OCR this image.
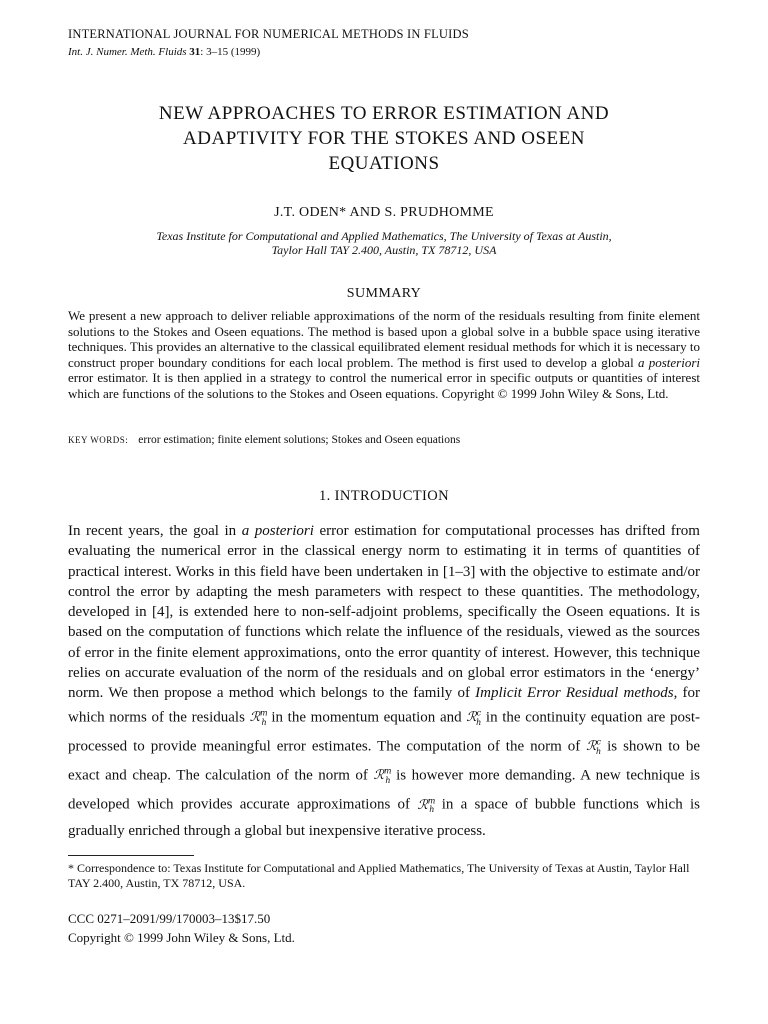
INTERNATIONAL JOURNAL FOR NUMERICAL METHODS IN FLUIDS
Int. J. Numer. Meth. Fluids 31: 3–15 (1999)
NEW APPROACHES TO ERROR ESTIMATION AND
ADAPTIVITY FOR THE STOKES AND OSEEN
EQUATIONS
J.T. ODEN* AND S. PRUDHOMME
Texas Institute for Computational and Applied Mathematics, The University of Texas at Austin,
Taylor Hall TAY 2.400, Austin, TX 78712, USA
SUMMARY
We present a new approach to deliver reliable approximations of the norm of the residuals resulting from finite element solutions to the Stokes and Oseen equations. The method is based upon a global solve in a bubble space using iterative techniques. This provides an alternative to the classical equilibrated element residual methods for which it is necessary to construct proper boundary conditions for each local problem. The method is first used to develop a global a posteriori error estimator. It is then applied in a strategy to control the numerical error in specific outputs or quantities of interest which are functions of the solutions to the Stokes and Oseen equations. Copyright © 1999 John Wiley & Sons, Ltd.
KEY WORDS: error estimation; finite element solutions; Stokes and Oseen equations
1. INTRODUCTION

In recent years, the goal in a posteriori error estimation for computational processes has drifted from evaluating the numerical error in the classical energy norm to estimating it in terms of quantities of practical interest. Works in this field have been undertaken in [1–3] with the objective to estimate and/or control the error by adapting the mesh parameters with respect to these quantities. The methodology, developed in [4], is extended here to non-self-adjoint problems, specifically the Oseen equations. It is based on the computation of functions which relate the influence of the residuals, viewed as the sources of error in the finite element approximations, onto the error quantity of interest. However, this technique relies on accurate evaluation of the norm of the residuals and on global error estimators in the ‘energy’ norm. We then propose a method which belongs to the family of Implicit Error Residual methods, for which norms of the residuals ℛ$^m_h$ in the momentum equation and ℛ$^c_h$ in the continuity equation are post-processed to provide meaningful error estimates. The computation of the norm of ℛ$^c_h$ is shown to be exact and cheap. The calculation of the norm of ℛ$^m_h$ is however more demanding. A new technique is developed which provides accurate approximations of ℛ$^m_h$ in a space of bubble functions which is gradually enriched through a global but inexpensive iterative process.

* Correspondence to: Texas Institute for Computational and Applied Mathematics, The University of Texas at Austin, Taylor Hall TAY 2.400, Austin, TX 78712, USA.
CCC 0271–2091/99/170003–13$17.50
Copyright © 1999 John Wiley & Sons, Ltd.
